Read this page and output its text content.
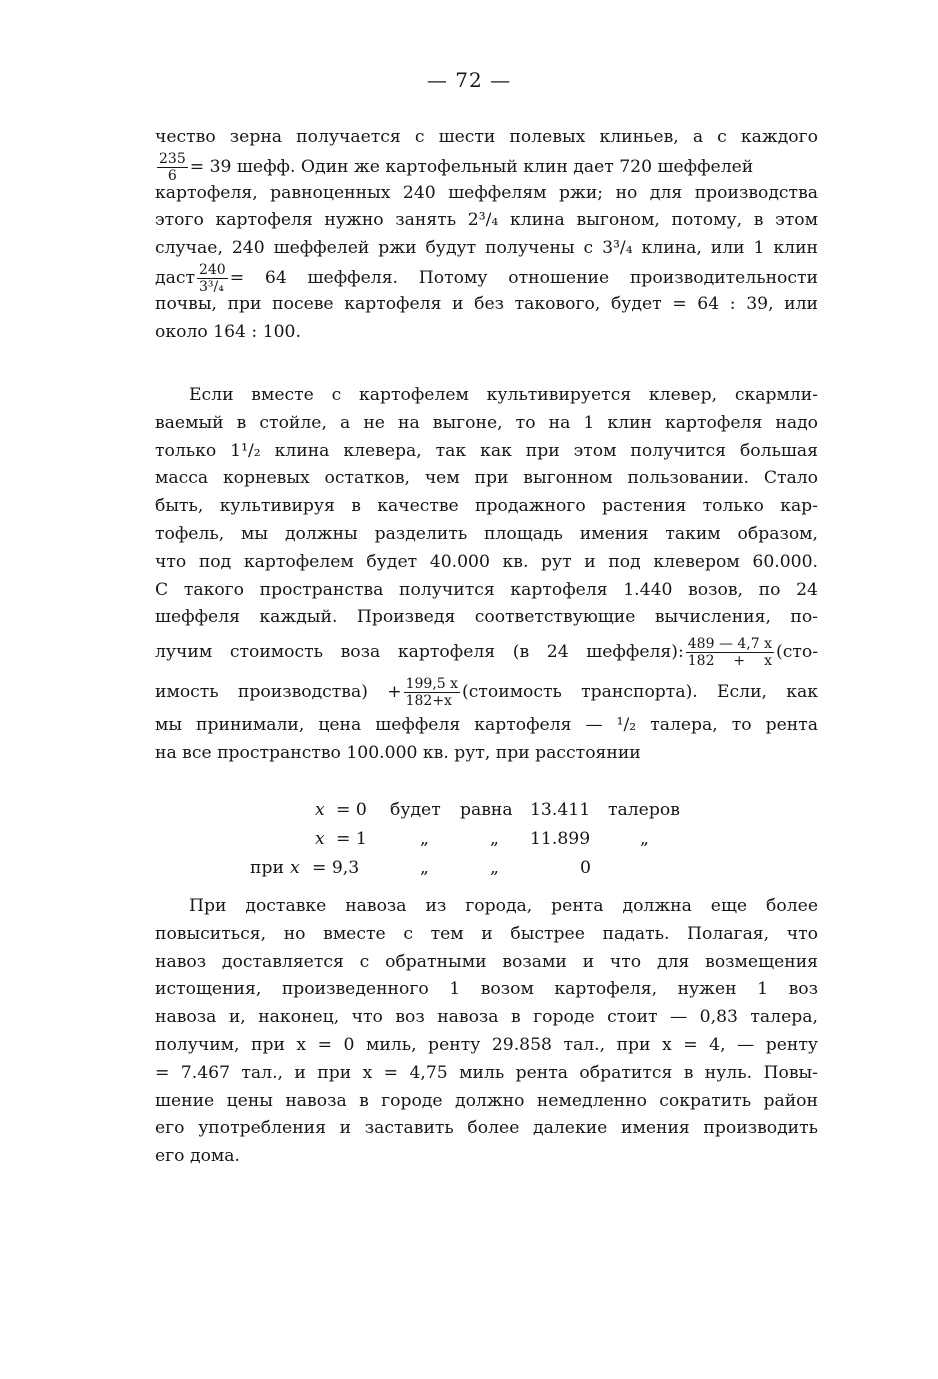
— 72 —
чество зерна получается с шести полевых клиньев, а с каждого
$\frac{235}{6} = 39$ шефф. Один же картофельный клин дает 720 шеффелей
картофеля, равноценных 240 шеффелям ржи; но для производства
этого картофеля нужно занять 2³/₄ клина выгоном, потому, в этом
случае, 240 шеффелей ржи будут получены с 3³/₄ клина, или 1 клин
даст $\frac{240}{\text{3³/₄}} = 64$ шеффеля. Потому отношение производительности
почвы, при посеве картофеля и без такового, будет = 64 : 39, или
около 164 : 100.
Если вместе с картофелем культивируется клевер, скармли-
ваемый в стойле, а не на выгоне, то на 1 клин картофеля надо
только 1¹/₂ клина клевера, так как при этом получится большая
масса корневых остатков, чем при выгонном пользовании. Стало
быть, культивируя в качестве продажного растения только кар-
тофель, мы должны разделить площадь имения таким образом,
что под картофелем будет 40.000 кв. рут и под клевером 60.000.
С такого пространства получится картофеля 1.440 возов, по 24
шеффеля каждый. Произведя соответствующие вычисления, по-
лучим стоимость воза картофеля (в 24 шеффеля): $\frac{489 — 4,7 x}{182 + x} (сто-$
имость производства) + $\frac{199,5 x}{182+x}$ (стоимость транспорта). Если, как
мы принимали, цена шеффеля картофеля — ¹/₂ талера, то рента
на все пространство 100.000 кв. рут, при расстоянии
x = 0 будет равна 13.411 талеров
x = 1	„	„ 11.899	„
при x = 9,3	„	„	0
При доставке навоза из города, рента должна еще более
повыситься, но вместе с тем и быстрее падать. Полагая, что
навоз доставляется с обратными возами и что для возмещения
истощения, произведенного 1 возом картофеля, нужен 1 воз
навоза и, наконец, что воз навоза в городе стоит — 0,83 талера,
получим, при x = 0 миль, ренту 29.858 тал., при x = 4, — ренту
= 7.467 тал., и при x = 4,75 миль рента обратится в нуль. Повы-
шение цены навоза в городе должно немедленно сократить район
его употребления и заставить более далекие имения производить
его дома.
